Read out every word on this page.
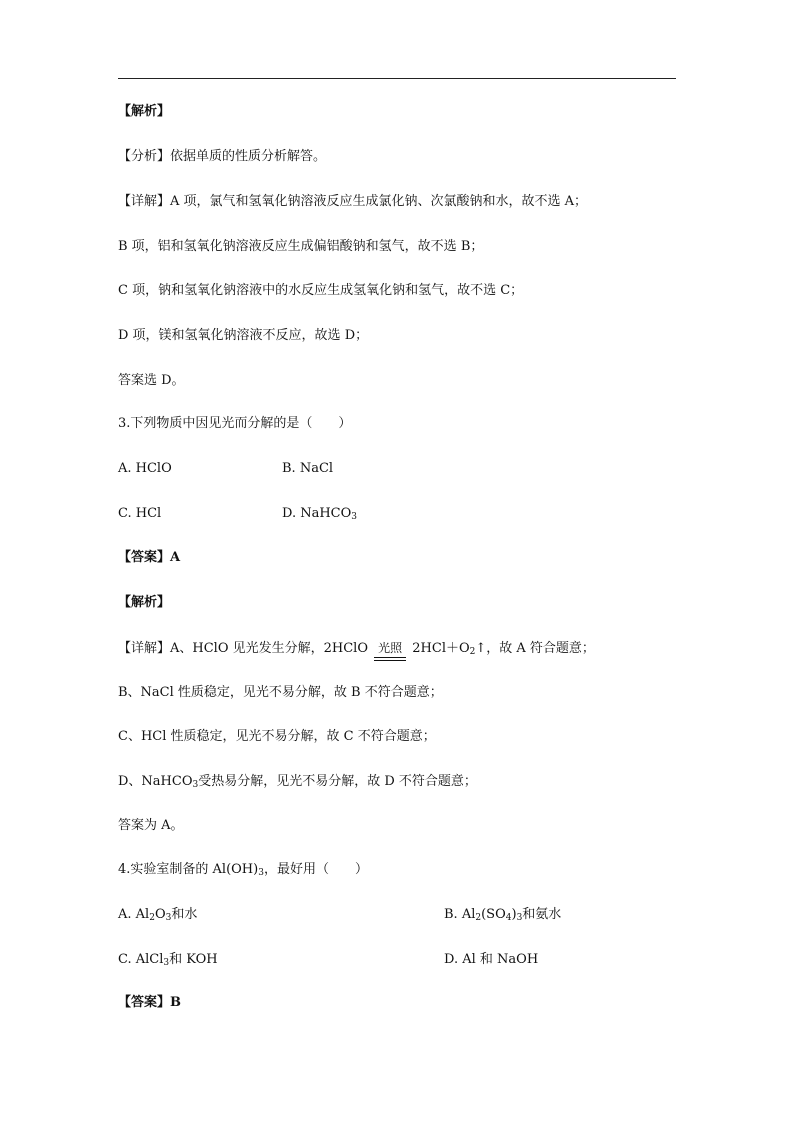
【解析】
【分析】依据单质的性质分析解答。
【详解】A 项，氯气和氢氧化钠溶液反应生成氯化钠、次氯酸钠和水，故不选 A；
B 项，铝和氢氧化钠溶液反应生成偏铝酸钠和氢气，故不选 B；
C 项，钠和氢氧化钠溶液中的水反应生成氢氧化钠和氢气，故不选 C；
D 项，镁和氢氧化钠溶液不反应，故选 D；
答案选 D。
3.下列物质中因见光而分解的是（　　）
A. HClO	B. NaCl
C. HCl	D. NaHCO$_3$
【答案】A
【解析】
【详解】A、HClO 见光发生分解，2HClO 光照 $2HCl+O_2↑$，故 A 符合题意；
B、NaCl 性质稳定，见光不易分解，故 B 不符合题意；
C、HCl 性质稳定，见光不易分解，故 C 不符合题意；
D、NaHCO$_3$受热易分解，见光不易分解，故 D 不符合题意；
答案为 A。
4.实验室制备的 $Al(OH)_3$，最好用（　　）
A. $Al_2O_3$和水	B. $Al_2(SO_4)_3$和氨水
C. AlCl$_3$和 KOH	D. Al 和 NaOH
【答案】B
